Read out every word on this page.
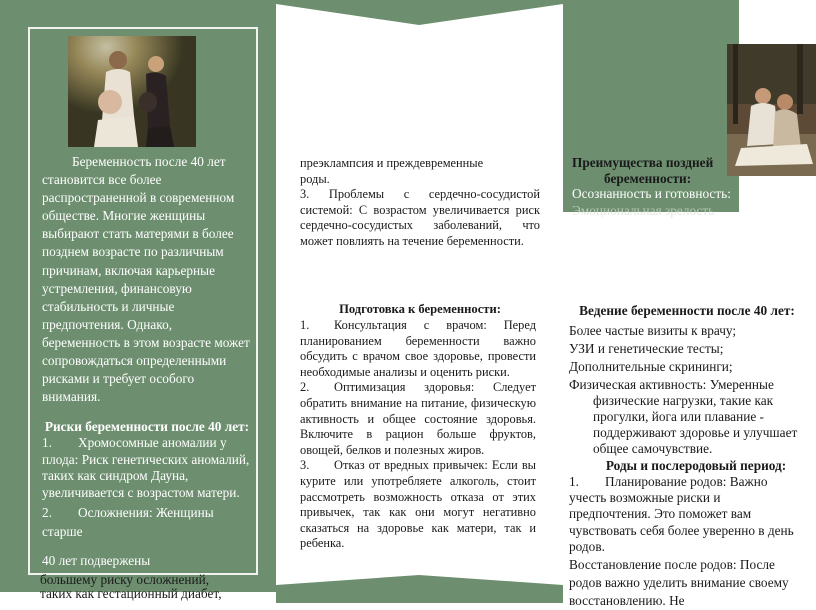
Беременность после 40 лет становится все более распространенной в современном обществе. Многие женщины выбирают стать матерями в более позднем возрасте по различным причинам, включая карьерные устремления, финансовую стабильность и личные предпочтения. Однако, беременность в этом возрасте может сопровождаться определенными рисками и требует особого внимания.

Риски беременности после 40 лет:

1. Хромосомные аномалии у плода: Риск генетических аномалий, таких как синдром Дауна, увеличивается с возрастом матери.

2. Осложнения: Женщины старше

40 лет подвержены
большему риску осложнений,
таких как гестационный диабет,

преэклампсия и преждевременные

роды.

3. Проблемы с сердечно-сосудистой системой: С возрастом увеличивается риск сердечно-сосудистых заболеваний, что может повлиять на течение беременности.

Подготовка к беременности:

1. Консультация с врачом: Перед планированием беременности важно обсудить с врачом свое здоровье, провести необходимые анализы и оценить риски.

2. Оптимизация здоровья: Следует обратить внимание на питание, физическую активность и общее состояние здоровья. Включите в рацион больше фруктов, овощей, белков и полезных жиров.

3. Отказ от вредных привычек: Если вы курите или употребляете алкоголь, стоит рассмотреть возможность отказа от этих привычек, так как они могут негативно сказаться на здоровье как матери, так и ребенка.

Преимущества поздней
беременности:
Осознанность и готовность:
Эмоциональная зрелость

Ведение беременности после 40 лет:

Более частые визиты к врачу;

УЗИ и генетические тесты;

Дополнительные скрининги;

Физическая активность: Умеренные физические нагрузки, такие как прогулки, йога или плавание - поддерживают здоровье и улучшает общее самочувствие.

Роды и послеродовый период:

1. Планирование родов: Важно учесть возможные риски и предпочтения. Это поможет вам чувствовать себя более уверенно в день родов.

Восстановление после родов: После родов важно уделить внимание своему восстановлению. Не
